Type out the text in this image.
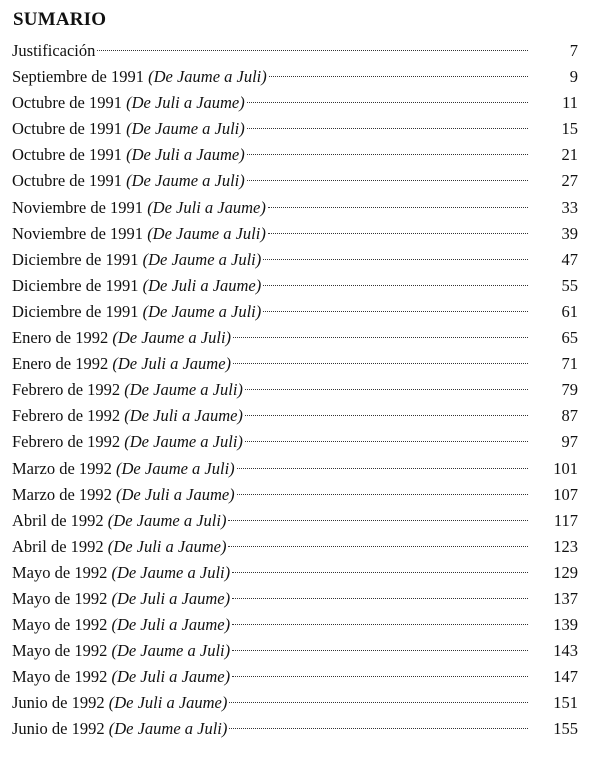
SUMARIO
Justificación	7
Septiembre de 1991 (De Jaume a Juli)	9
Octubre de 1991 (De Juli a Jaume)	11
Octubre de 1991 (De Jaume a Juli)	15
Octubre de 1991 (De Juli a Jaume)	21
Octubre de 1991 (De Jaume a Juli)	27
Noviembre de 1991 (De Juli a Jaume)	33
Noviembre de 1991 (De Jaume a Juli)	39
Diciembre de 1991 (De Jaume a Juli)	47
Diciembre de 1991 (De Juli a Jaume)	55
Diciembre de 1991 (De Jaume a Juli)	61
Enero de 1992 (De Jaume a Juli)	65
Enero de 1992 (De Juli a Jaume)	71
Febrero de 1992 (De Jaume a Juli)	79
Febrero de 1992 (De Juli a Jaume)	87
Febrero de 1992 (De Jaume a Juli)	97
Marzo de 1992 (De Jaume a Juli)	101
Marzo de 1992 (De Juli a Jaume)	107
Abril de 1992 (De Jaume a Juli)	117
Abril de 1992 (De Juli a Jaume)	123
Mayo de 1992 (De Jaume a Juli)	129
Mayo de 1992 (De Juli a Jaume)	137
Mayo de 1992 (De Juli a Jaume)	139
Mayo de 1992 (De Jaume a Juli)	143
Mayo de 1992 (De Juli a Jaume)	147
Junio de 1992 (De Juli a Jaume)	151
Junio de 1992 (De Jaume a Juli)	155
